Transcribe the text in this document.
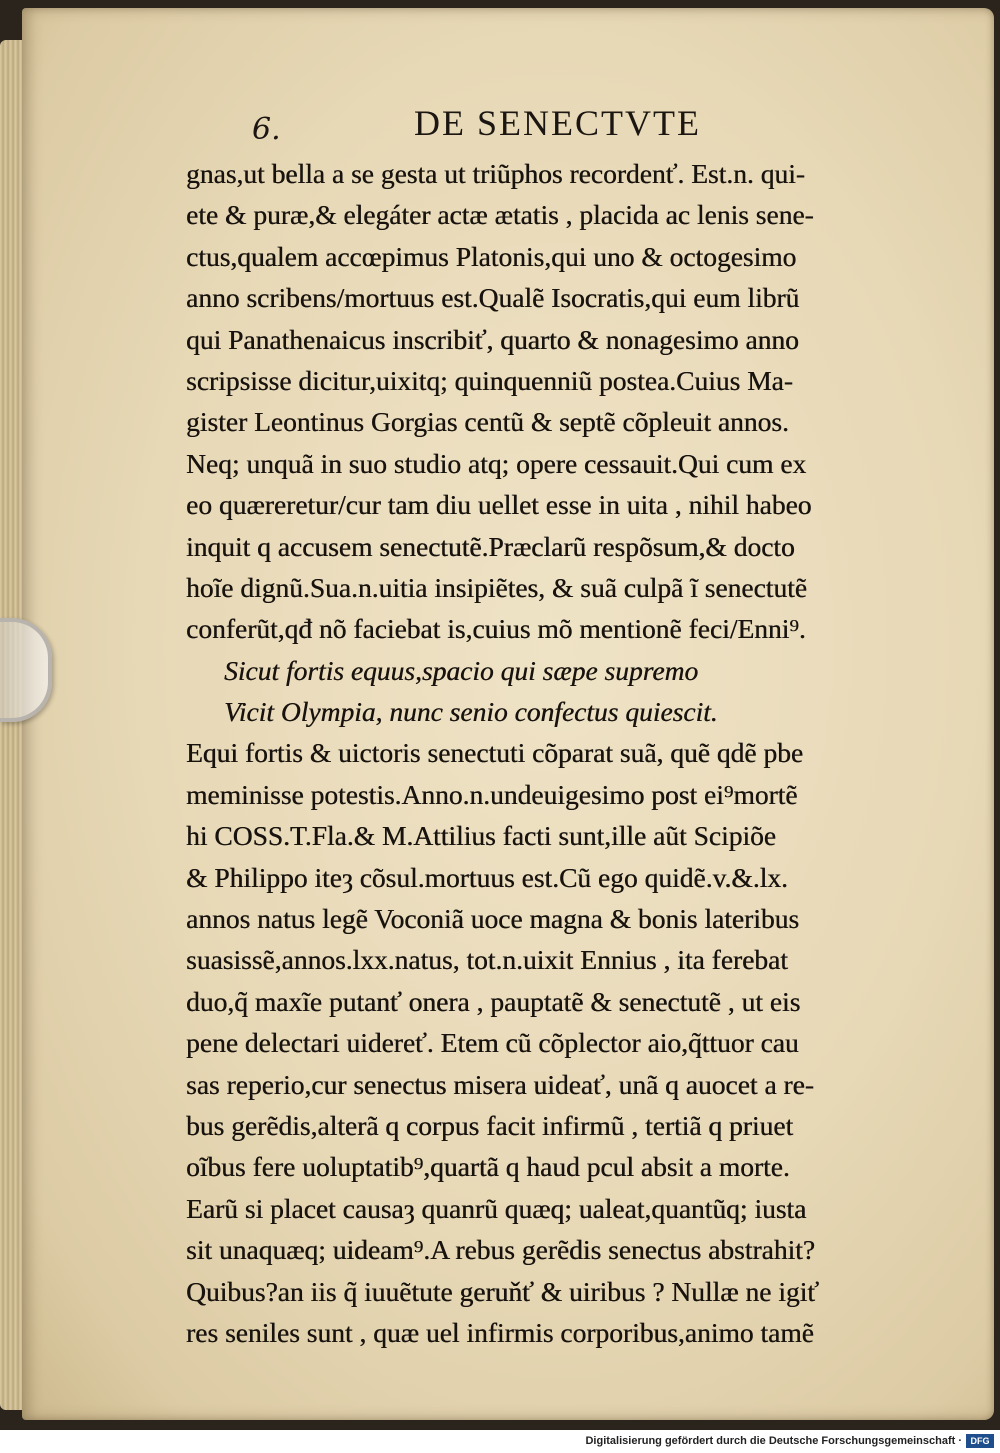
6.	DE SENECTVTE
gnas,ut bella a se gesta ut triũphos recordenť. Est.n. qui-
ete & puræ,& elegáter actæ ætatis , placida ac lenis sene-
ctus,qualem accœpimus Platonis,qui uno & octogesimo
anno scribens/mortuus est.Qualẽ Isocratis,qui eum librũ
qui Panathenaicus inscribiť, quarto & nonagesimo anno
scripsisse dicitur,uixitq; quinquenniũ postea.Cuius Ma-
gister Leontinus Gorgias centũ & septẽ cõpleuit annos.
Neq; unquã in suo studio atq; opere cessauit.Qui cum ex
eo quæreretur/cur tam diu uellet esse in uita , nihil habeo
inquit q accusem senectutẽ.Præclarũ respõsum,& docto
hoĩe dignũ.Sua.n.uitia insipiẽtes, & suã culpã ĩ senectutẽ
conferũt,qđ nõ faciebat is,cuius mõ mentionẽ feci/Enni⁹.
Sicut fortis equus,spacio qui sæpe supremo
Vicit Olympia, nunc senio confectus quiescit.
Equi fortis & uictoris senectuti cõparat suã, quẽ qdẽ pbe
meminisse potestis.Anno.n.undeuigesimo post ei⁹mortẽ
hi COSS.T.Fla.& M.Attilius facti sunt,ille aũt Scipiõe
& Philippo iteȝ cõsul.mortuus est.Cũ ego quidẽ.v.&.lx.
annos natus legẽ Voconiã uoce magna & bonis lateribus
suasissẽ,annos.lxx.natus, tot.n.uixit Ennius , ita ferebat
duo,q̃ maxĩe putanť onera , pauptatẽ & senectutẽ , ut eis
pene delectari uidereť. Etem cũ cõplector aio,q̃ttuor cau
sas reperio,cur senectus misera uideať, unã q auocet a re-
bus gerẽdis,alterã q corpus facit infirmũ , tertiã q priuet
oĩbus fere uoluptatib⁹,quartã q haud pcul absit a morte.
Earũ si placet causaȝ quanrũ quæq; ualeat,quantũq; iusta
sit unaquæq; uideam⁹.A rebus gerẽdis senectus abstrahit?
Quibus?an iis q̃ iuuẽtute geruňť & uiribus ? Nullæ ne igiť
res seniles sunt , quæ uel infirmis corporibus,animo tamẽ
Digitalisierung gefördert durch die Deutsche Forschungsgemeinschaft · DFG
